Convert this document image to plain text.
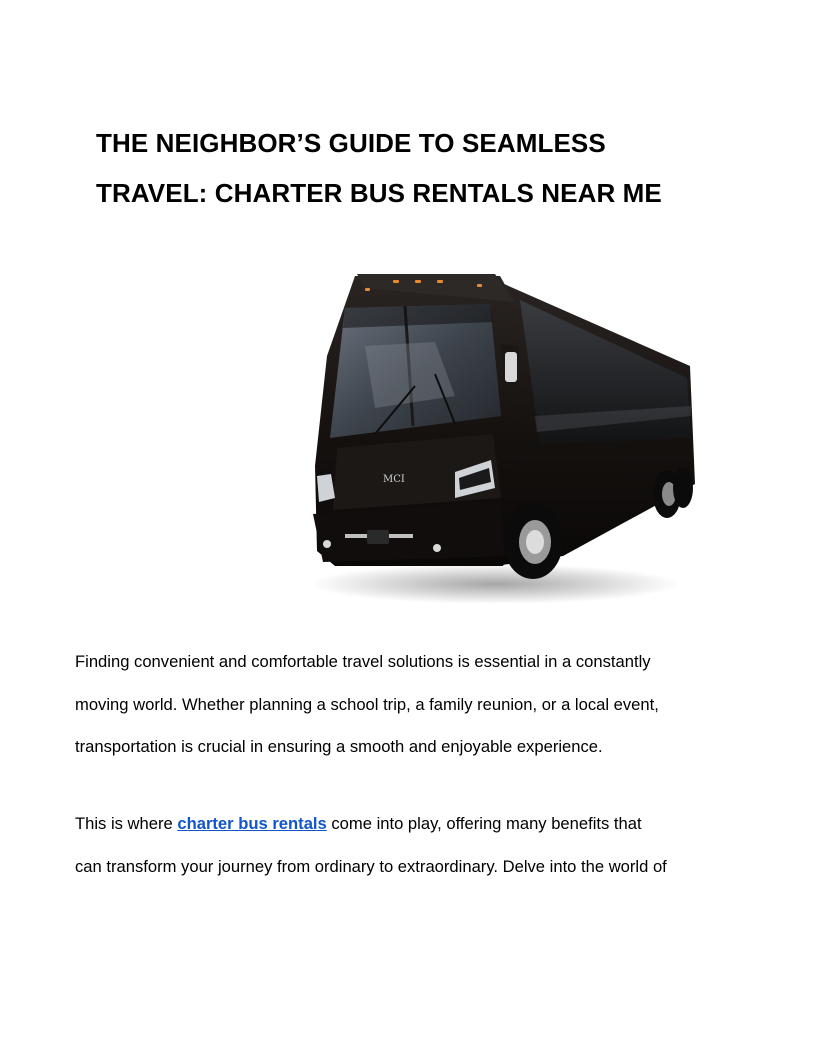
THE NEIGHBOR’S GUIDE TO SEAMLESS
TRAVEL: CHARTER BUS RENTALS NEAR ME
MCI

Finding convenient and comfortable travel solutions is essential in a constantly
moving world. Whether planning a school trip, a family reunion, or a local event,
transportation is crucial in ensuring a smooth and enjoyable experience.

This is where charter bus rentals come into play, offering many benefits that
can transform your journey from ordinary to extraordinary. Delve into the world of
